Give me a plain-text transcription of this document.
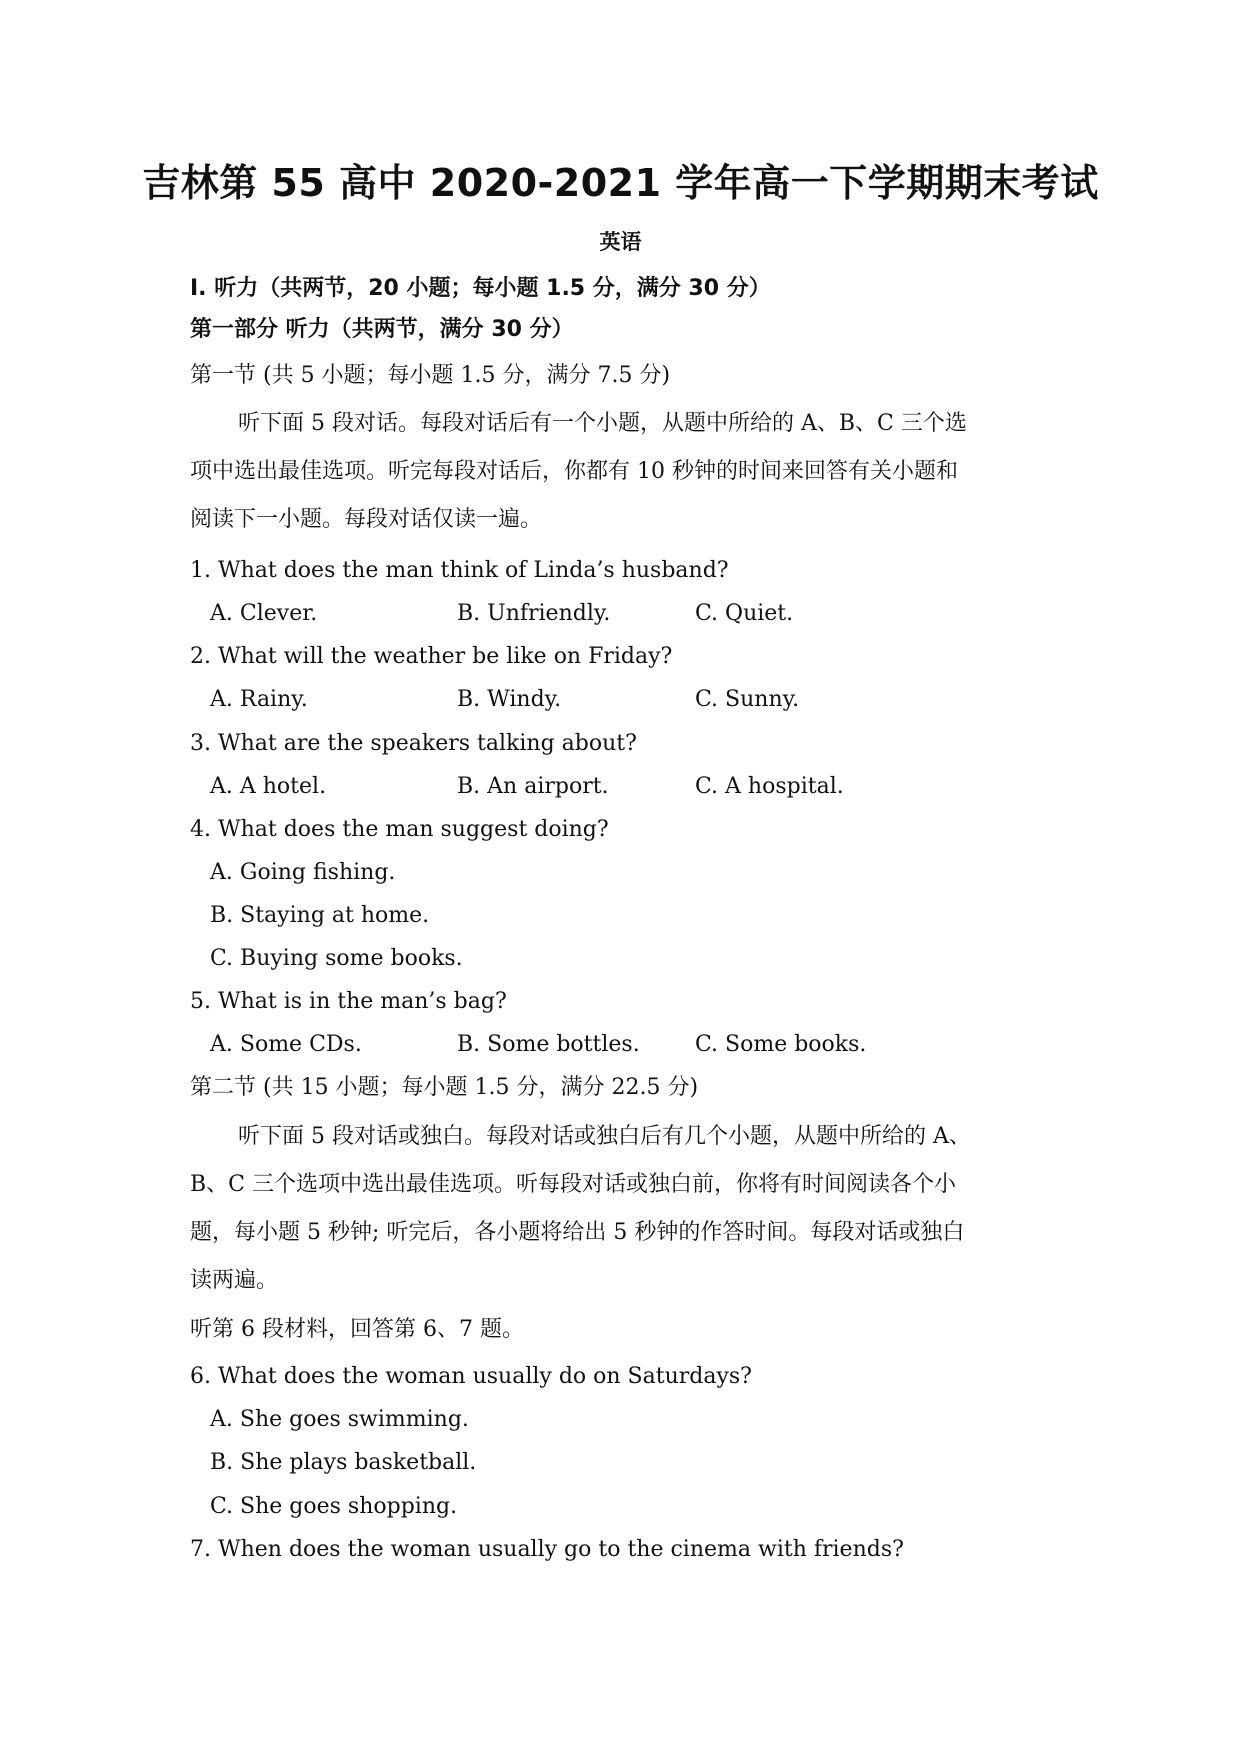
吉林第 55 高中 2020-2021 学年高一下学期期末考试
英语
I. 听力（共两节，20 小题；每小题 1.5 分，满分 30 分）
第一部分 听力（共两节，满分 30 分）
第一节 (共 5 小题；每小题 1.5 分，满分 7.5 分)
听下面 5 段对话。每段对话后有一个小题，从题中所给的 A、B、C 三个选
项中选出最佳选项。听完每段对话后，你都有 10 秒钟的时间来回答有关小题和
阅读下一小题。每段对话仅读一遍。
1. What does the man think of Linda’s husband?
A. Clever.	B. Unfriendly.	C. Quiet.
2. What will the weather be like on Friday?
A. Rainy.	B. Windy.	C. Sunny.
3. What are the speakers talking about?
A. A hotel.	B. An airport.	C. A hospital.
4. What does the man suggest doing?
A. Going fishing.
B. Staying at home.
C. Buying some books.
5. What is in the man’s bag?
A. Some CDs.	B. Some bottles.	C. Some books.
第二节 (共 15 小题；每小题 1.5 分，满分 22.5 分)
听下面 5 段对话或独白。每段对话或独白后有几个小题，从题中所给的 A、
B、C 三个选项中选出最佳选项。听每段对话或独白前，你将有时间阅读各个小
题，每小题 5 秒钟; 听完后，各小题将给出 5 秒钟的作答时间。每段对话或独白
读两遍。
听第 6 段材料，回答第 6、7 题。
6. What does the woman usually do on Saturdays?
A. She goes swimming.
B. She plays basketball.
C. She goes shopping.
7. When does the woman usually go to the cinema with friends?
